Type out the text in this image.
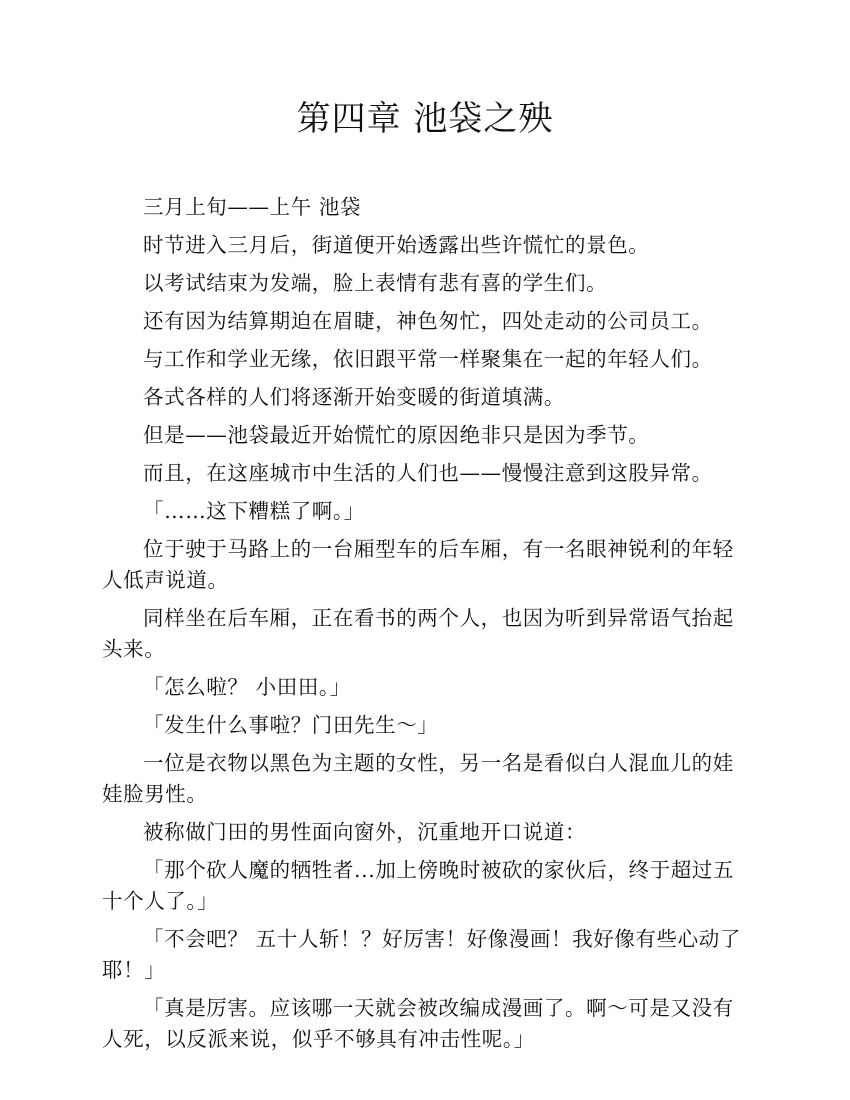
第四章 池袋之殃

三月上旬——上午 池袋

时节进入三月后，街道便开始透露出些许慌忙的景色。

以考试结束为发端，脸上表情有悲有喜的学生们。

还有因为结算期迫在眉睫，神色匆忙，四处走动的公司员工。

与工作和学业无缘，依旧跟平常一样聚集在一起的年轻人们。

各式各样的人们将逐渐开始变暖的街道填满。

但是——池袋最近开始慌忙的原因绝非只是因为季节。

而且，在这座城市中生活的人们也——慢慢注意到这股异常。

「……这下糟糕了啊。」

位于驶于马路上的一台厢型车的后车厢，有一名眼神锐利的年轻人低声说道。

同样坐在后车厢，正在看书的两个人，也因为听到异常语气抬起头来。

「怎么啦？ 小田田。」

「发生什么事啦？门田先生～」

一位是衣物以黑色为主题的女性，另一名是看似白人混血儿的娃娃脸男性。

被称做门田的男性面向窗外，沉重地开口说道：

「那个砍人魔的牺牲者...加上傍晚时被砍的家伙后，终于超过五十个人了。」

「不会吧？ 五十人斩！？好厉害！好像漫画！我好像有些心动了耶！」

「真是厉害。应该哪一天就会被改编成漫画了。啊～可是又没有人死，以反派来说，似乎不够具有冲击性呢。」
